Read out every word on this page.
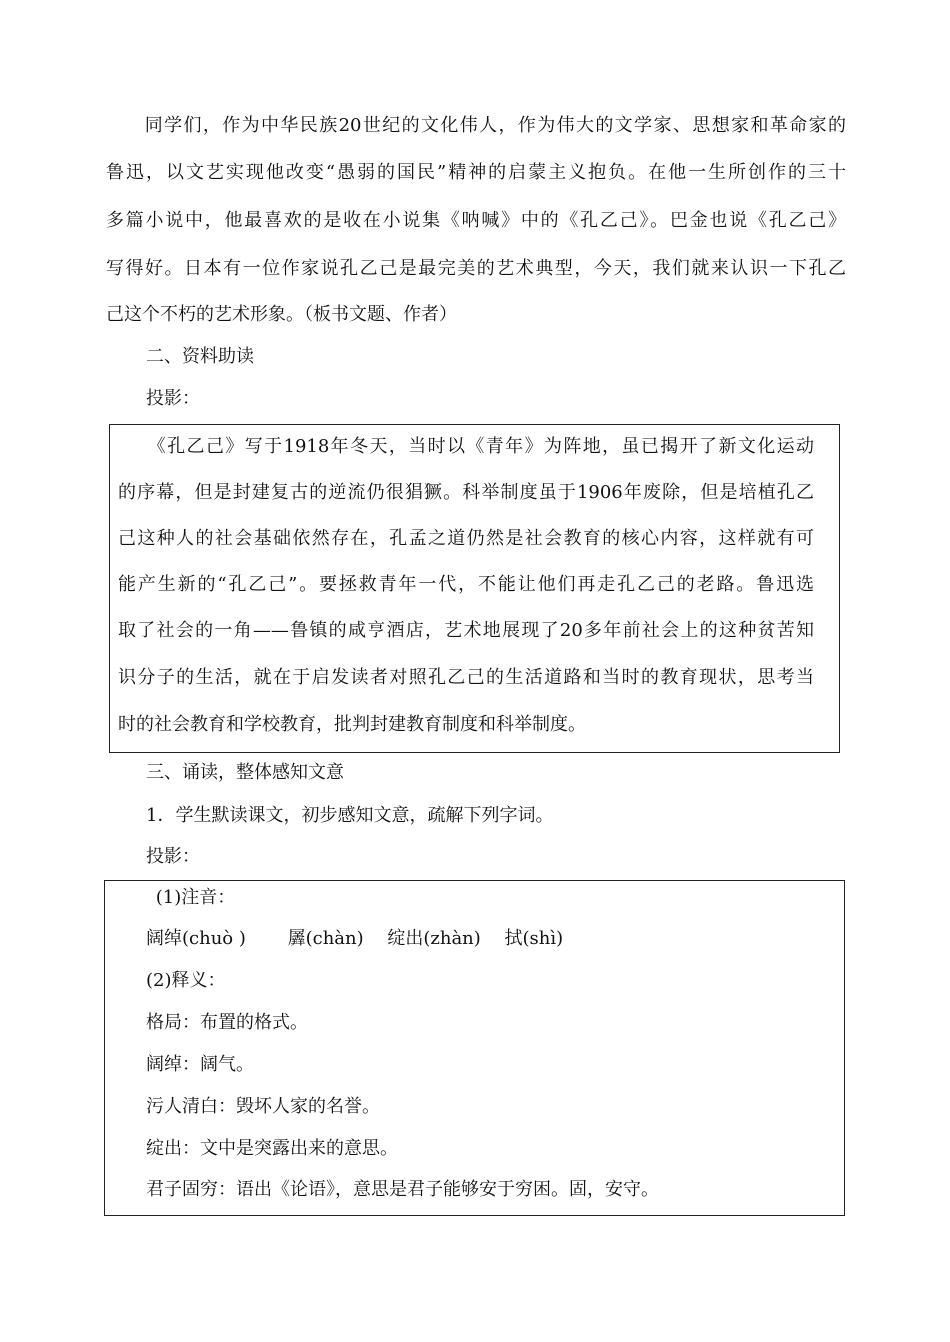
　　同学们，作为中华民族20世纪的文化伟人，作为伟大的文学家、思想家和革命家的
鲁迅，以文艺实现他改变“愚弱的国民”精神的启蒙主义抱负。在他一生所创作的三十
多篇小说中，他最喜欢的是收在小说集《呐喊》中的《孔乙己》。巴金也说《孔乙己》
写得好。日本有一位作家说孔乙己是最完美的艺术典型，今天，我们就来认识一下孔乙
己这个不朽的艺术形象。（板书文题、作者）
二、资料助读
投影：
　　《孔乙己》写于1918年冬天，当时以《青年》为阵地，虽已揭开了新文化运动
的序幕，但是封建复古的逆流仍很猖獗。科举制度虽于1906年废除，但是培植孔乙
己这种人的社会基础依然存在，孔孟之道仍然是社会教育的核心内容，这样就有可
能产生新的“孔乙己”。要拯救青年一代，不能让他们再走孔乙己的老路。鲁迅选
取了社会的一角——鲁镇的咸亨酒店，艺术地展现了20多年前社会上的这种贫苦知
识分子的生活，就在于启发读者对照孔乙己的生活道路和当时的教育现状，思考当
时的社会教育和学校教育，批判封建教育制度和科举制度。
三、诵读，整体感知文意
1．学生默读课文，初步感知文意，疏解下列字词。
投影：
(1)注音：
阔绰(chuò )　　 羼(chàn)　 绽出(zhàn)　 拭(shì)
(2)释义：
格局：布置的格式。
阔绰：阔气。
污人清白：毁坏人家的名誉。
绽出：文中是突露出来的意思。
君子固穷：语出《论语》，意思是君子能够安于穷困。固，安守。
